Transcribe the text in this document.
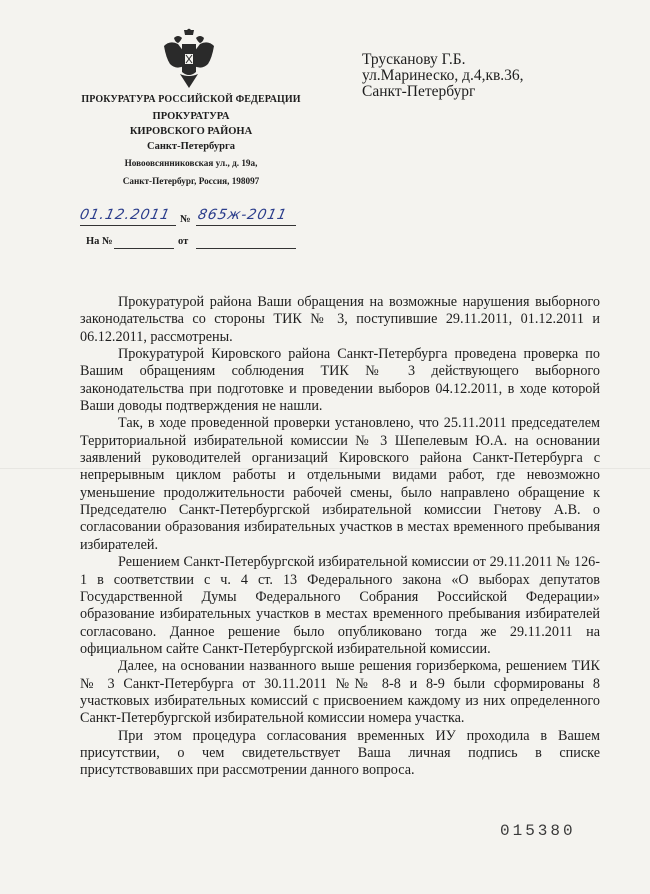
ПРОКУРАТУРА РОССИЙСКОЙ ФЕДЕРАЦИИ
ПРОКУРАТУРА
КИРОВСКОГО РАЙОНА
Санкт-Петербурга
Новоовсянниковская ул., д. 19а,
Санкт-Петербург, Россия, 198097
Трусканову Г.Б.
ул.Маринеско, д.4,кв.36,
Санкт-Петербург
01.12.2011 № 865ж-2011
На №	от

Прокуратурой района Ваши обращения на возможные нарушения выборного законодательства со стороны ТИК № 3, поступившие 29.11.2011, 01.12.2011 и 06.12.2011, рассмотрены.

Прокуратурой Кировского района Санкт-Петербурга проведена проверка по Вашим обращениям соблюдения ТИК № 3 действующего выборного законодательства при подготовке и проведении выборов 04.12.2011, в ходе которой Ваши доводы подтверждения не нашли.

Так, в ходе проведенной проверки установлено, что 25.11.2011 председателем Территориальной избирательной комиссии № 3 Шепелевым Ю.А. на основании заявлений руководителей организаций Кировского района Санкт-Петербурга с непрерывным циклом работы и отдельными видами работ, где невозможно уменьшение продолжительности рабочей смены, было направлено обращение к Председателю Санкт-Петербургской избирательной комиссии Гнетову А.В. о согласовании образования избирательных участков в местах временного пребывания избирателей.

Решением Санкт-Петербургской избирательной комиссии от 29.11.2011 № 126-1 в соответствии с ч. 4 ст. 13 Федерального закона «О выборах депутатов Государственной Думы Федерального Собрания Российской Федерации» образование избирательных участков в местах временного пребывания избирателей согласовано. Данное решение было опубликовано тогда же 29.11.2011 на официальном сайте Санкт-Петербургской избирательной комиссии.

Далее, на основании названного выше решения горизберкома, решением ТИК № 3 Санкт-Петербурга от 30.11.2011 №№ 8-8 и 8-9 были сформированы 8 участковых избирательных комиссий с присвоением каждому из них определенного Санкт-Петербургской избирательной комиссии номера участка.

При этом процедура согласования временных ИУ проходила в Вашем присутствии, о чем свидетельствует Ваша личная подпись в списке присутствовавших при рассмотрении данного вопроса.

015380
